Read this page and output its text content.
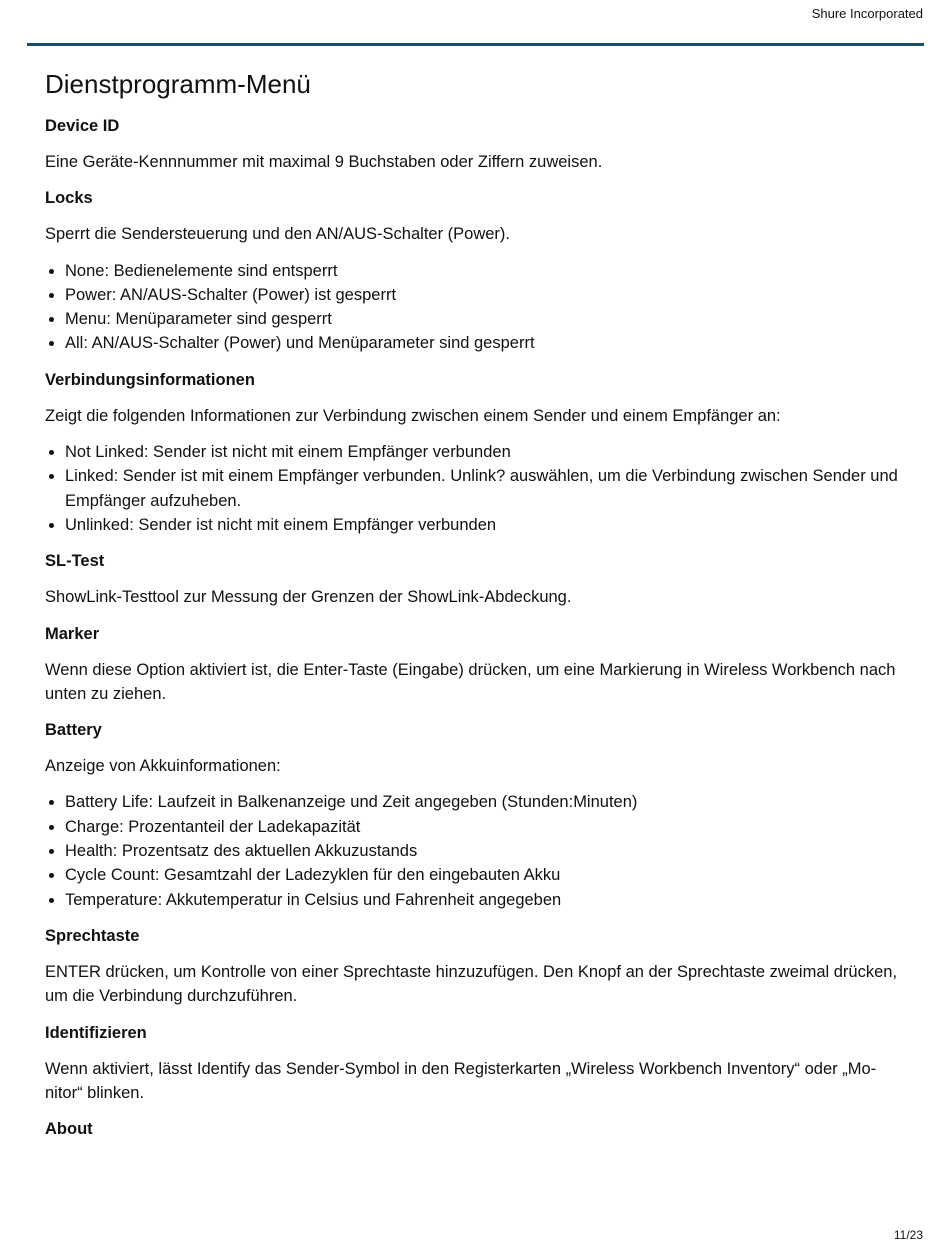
Shure Incorporated
Dienstprogramm-Menü
Device ID

Eine Geräte-Kennnummer mit maximal 9 Buchstaben oder Ziffern zuweisen.

Locks

Sperrt die Sendersteuerung und den AN/AUS-Schalter (Power).

• None: Bedienelemente sind entsperrt
• Power: AN/AUS-Schalter (Power) ist gesperrt
• Menu: Menüparameter sind gesperrt
• All: AN/AUS-Schalter (Power) und Menüparameter sind gesperrt
Verbindungsinformationen

Zeigt die folgenden Informationen zur Verbindung zwischen einem Sender und einem Empfänger an:

• Not Linked: Sender ist nicht mit einem Empfänger verbunden
• Linked: Sender ist mit einem Empfänger verbunden. Unlink? auswählen, um die Verbindung zwischen Sender und Empfänger aufzuheben.
• Unlinked: Sender ist nicht mit einem Empfänger verbunden
SL-Test

ShowLink-Testtool zur Messung der Grenzen der ShowLink-Abdeckung.

Marker

Wenn diese Option aktiviert ist, die Enter-Taste (Eingabe) drücken, um eine Markierung in Wireless Workbench nach unten zu ziehen.

Battery

Anzeige von Akkuinformationen:

• Battery Life: Laufzeit in Balkenanzeige und Zeit angegeben (Stunden:Minuten)
• Charge: Prozentanteil der Ladekapazität
• Health: Prozentsatz des aktuellen Akkuzustands
• Cycle Count: Gesamtzahl der Ladezyklen für den eingebauten Akku
• Temperature: Akkutemperatur in Celsius und Fahrenheit angegeben
Sprechtaste

ENTER drücken, um Kontrolle von einer Sprechtaste hinzuzufügen. Den Knopf an der Sprechtaste zweimal drücken, um die Verbindung durchzuführen.

Identifizieren

Wenn aktiviert, lässt Identify das Sender-Symbol in den Registerkarten „Wireless Workbench Inventory“ oder „Monitor“ blinken.

About
11/23
